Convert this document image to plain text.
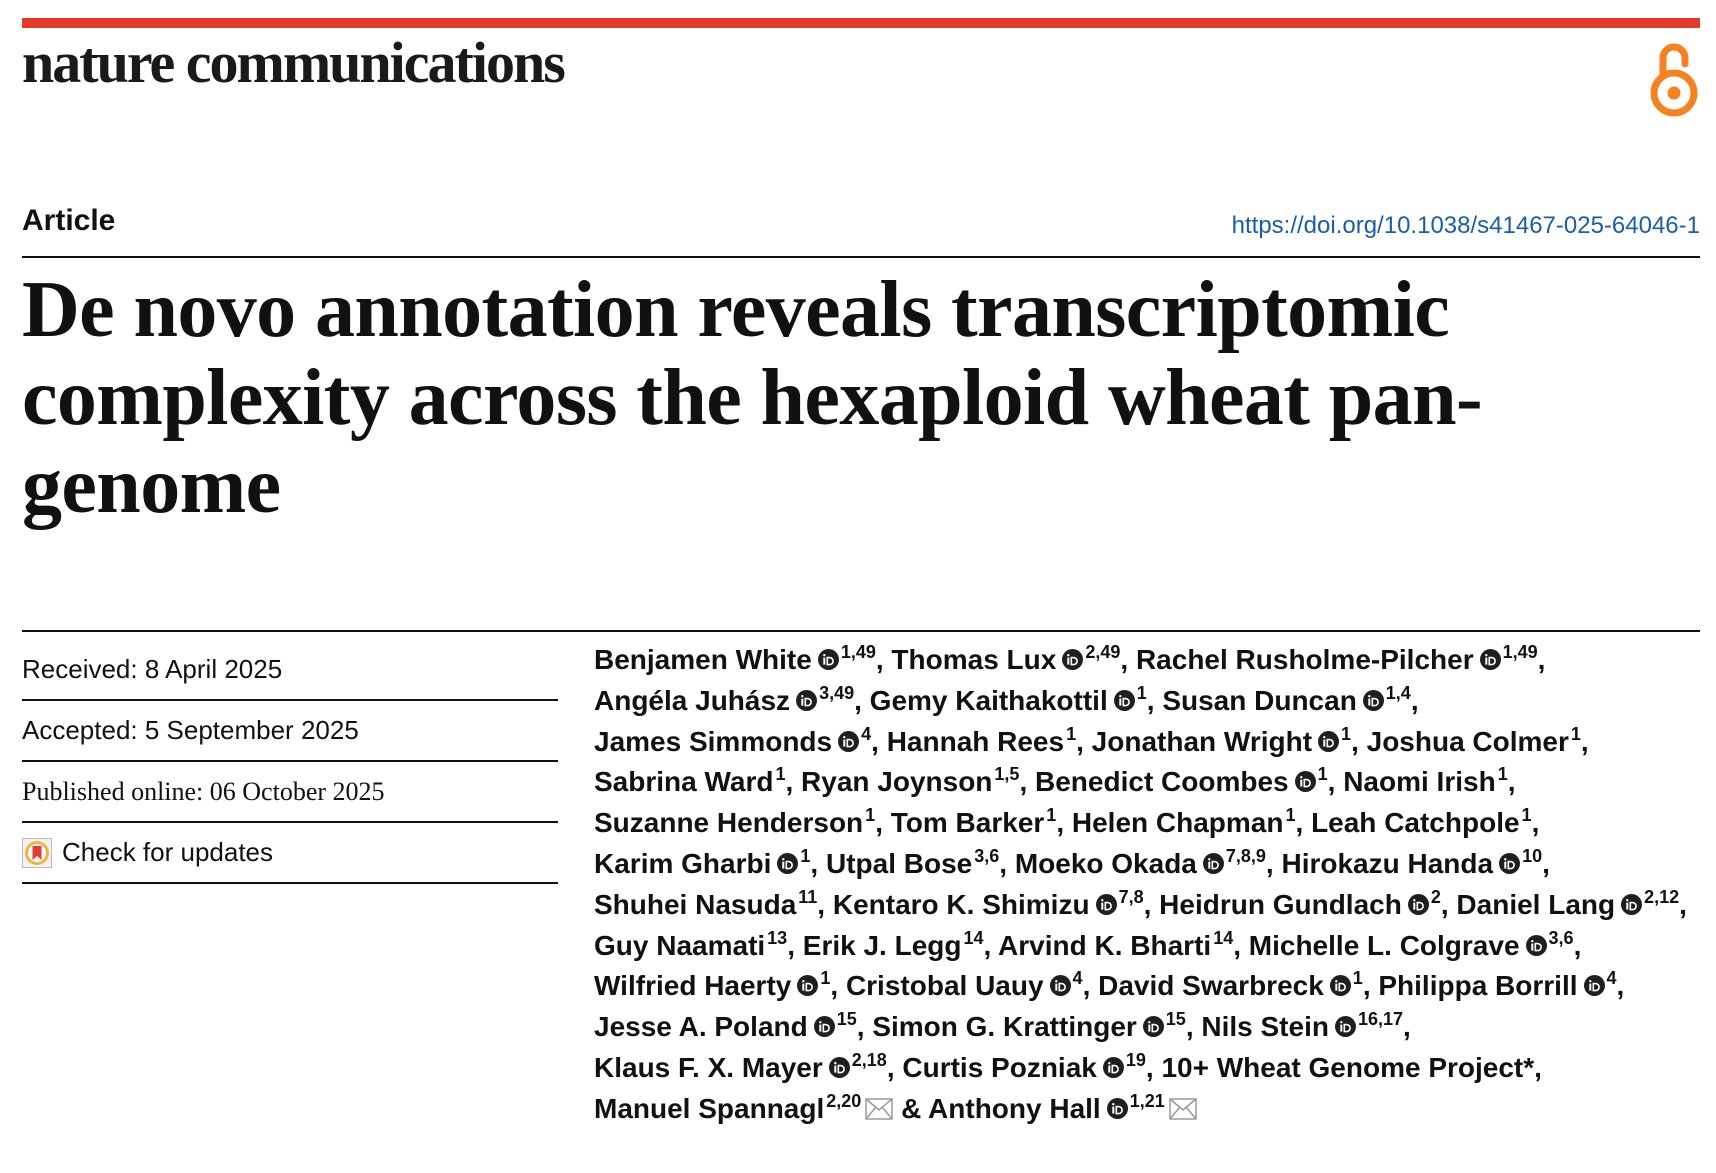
nature communications
Article	https://doi.org/10.1038/s41467-025-64046-1
De novo annotation reveals transcriptomic complexity across the hexaploid wheat pan-genome
Received: 8 April 2025
Accepted: 5 September 2025
Published online: 06 October 2025
Check for updates

Benjamen White $^{1,49}$, Thomas Lux $^{2,49}$, Rachel Rusholme-Pilcher $^{1,49}$, Angéla Juhász $^{3,49}$, Gemy Kaithakottil $^1$, Susan Duncan $^{1,4}$, James Simmonds $^4$, Hannah Rees $^1$, Jonathan Wright $^1$, Joshua Colmer $^1$, Sabrina Ward $^1$, Ryan Joynson $^{1,5}$, Benedict Coombes $^1$, Naomi Irish $^1$, Suzanne Henderson $^1$, Tom Barker $^1$, Helen Chapman $^1$, Leah Catchpole $^1$, Karim Gharbi $^1$, Utpal Bose $^{3,6}$, Moeko Okada $^{7,8,9}$, Hirokazu Handa $^{10}$, Shuhei Nasuda $^{11}$, Kentaro K. Shimizu $^{7,8}$, Heidrun Gundlach $^2$, Daniel Lang $^{2,12}$, Guy Naamati $^{13}$, Erik J. Legg $^{14}$, Arvind K. Bharti $^{14}$, Michelle L. Colgrave $^{3,6}$, Wilfried Haerty $^1$, Cristobal Uauy $^4$, David Swarbreck $^1$, Philippa Borrill $^4$, Jesse A. Poland $^{15}$, Simon G. Krattinger $^{15}$, Nils Stein $^{16,17}$, Klaus F. X. Mayer $^{2,18}$, Curtis Pozniak $^{19}$, 10+ Wheat Genome Project*, Manuel Spannagl $^{2,20}$ & Anthony Hall $^{1,21}$
